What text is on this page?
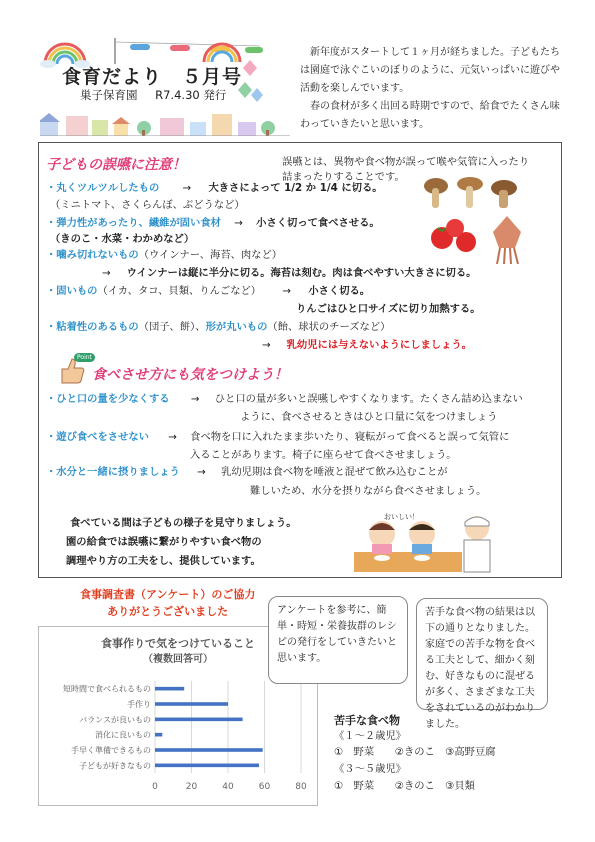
食育だより　５月号
巣子保育園 R7.4.30 発行

新年度がスタートして１ヶ月が経ちました。子どもたちは園庭で泳ぐこいのぼりのように、元気いっぱいに遊びや活動を楽しんでいます。

春の食材が多く出回る時期ですので、給食でたくさん味わっていきたいと思います。

子どもの誤嚥に注意！	誤嚥とは、異物や食べ物が誤って喉や気管に入ったり
詰まったりすることです。
・丸くツルツルしたもの → 大きさによって 1/2 か 1/4 に切る。
（ミニトマト、さくらんぼ、ぶどうなど）
・弾力性があったり、繊維が固い食材 → 小さく切って食べさせる。
（きのこ・水菜・わかめなど）
・噛み切れないもの（ウインナー、海苔、肉など）
→ ウインナーは縦に半分に切る。海苔は刻む。肉は食べやすい大きさに切る。
・固いもの（イカ、タコ、貝類、りんごなど） → 小さく切る。
りんごはひと口サイズに切り加熱する。
・粘着性のあるもの（団子、餅）、形が丸いもの（飴、球状のチーズなど）
→ 乳幼児には与えないようにしましょう。
Point
食べさせ方にも気をつけよう！
・ひと口の量を少なくする → ひと口の量が多いと誤嚥しやすくなります。たくさん詰め込まない
ように、食べさせるときはひと口量に気をつけましょう
・遊び食べをさせない → 食べ物を口に入れたまま歩いたり、寝転がって食べると誤って気管に
入ることがあります。椅子に座らせて食べさせましょう。
・水分と一緒に摂りましょう → 乳幼児期は食べ物を唾液と混ぜて飲み込むことが
難しいため、水分を摂りながら食べさせましょう。
食べている間は子どもの様子を見守りましょう。
園の給食では誤嚥に繋がりやすい食べ物の
調理やり方の工夫をし、提供しています。
おいしい！
食事調査書（アンケート）のご協力
ありがとうございました
食事作りで気をつけていること
（複数回答可）
0	20	40	60	80
短時間で食べられるもの
手作り
バランスが良いもの
消化に良いもの
手早く準備できるもの
子どもが好きなもの
アンケートを参考に、簡単・時短・栄養抜群のレシピの発行をしていきたいと思います。
苦手な食べ物の結果は以下の通りとなりました。家庭での苦手な物を食べる工夫として、細かく刻む、好きなものに混ぜるが多く、さまざまな工夫をされているのがわかりました。
苦手な食べ物
《１～２歳児》
①　野菜　　②きのこ　③高野豆腐
《３～５歳児》
①　野菜　　②きのこ　③貝類
